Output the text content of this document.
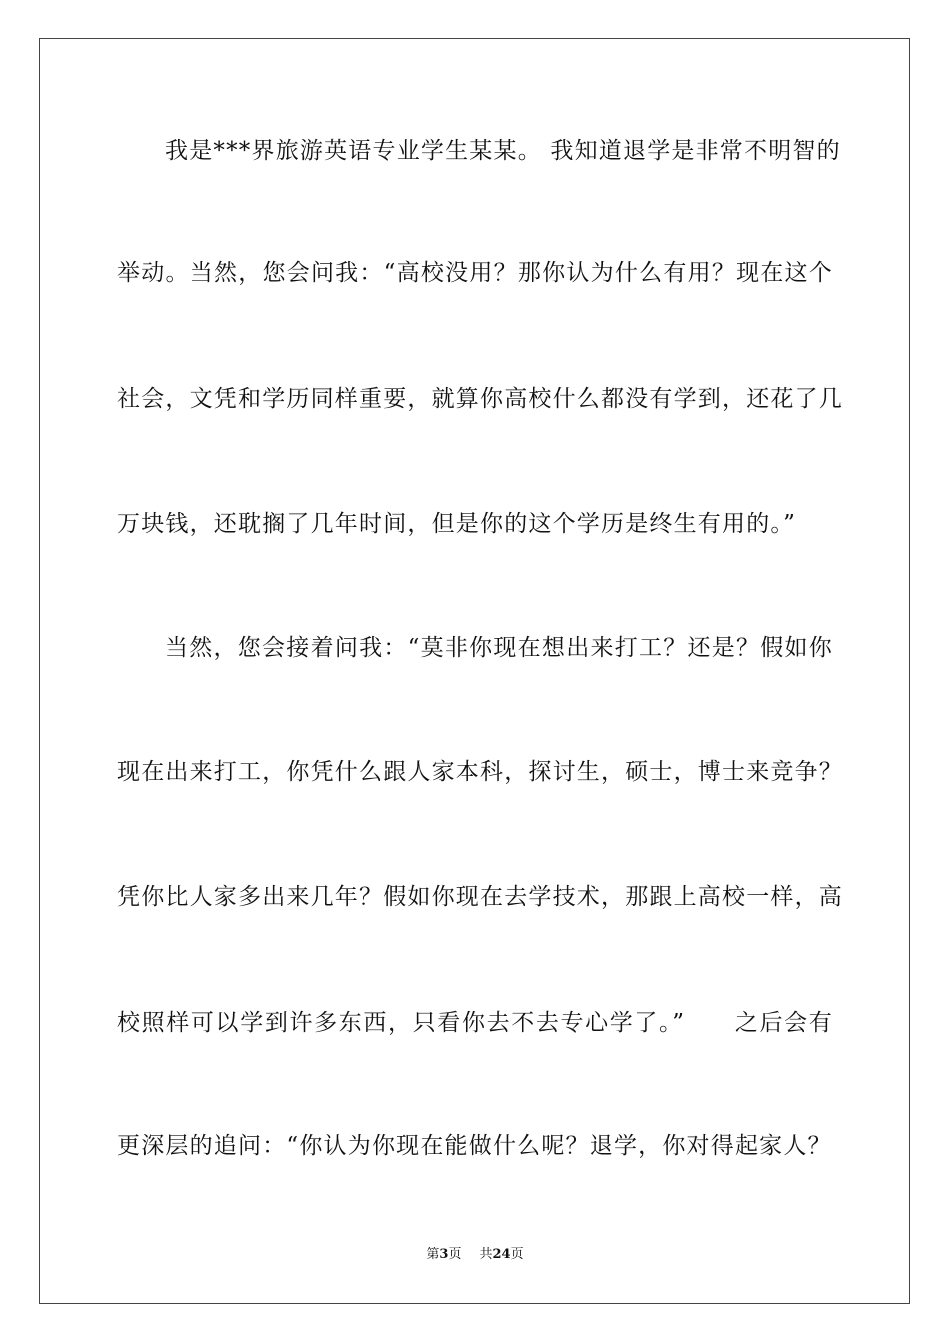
我是***界旅游英语专业学生某某。 我知道退学是非常不明智的
举动。当然，您会问我：“高校没用？那你认为什么有用？现在这个
社会，文凭和学历同样重要，就算你高校什么都没有学到，还花了几
万块钱，还耽搁了几年时间，但是你的这个学历是终生有用的。”
当然，您会接着问我：“莫非你现在想出来打工？还是？假如你
现在出来打工，你凭什么跟人家本科，探讨生，硕士，博士来竞争？
凭你比人家多出来几年？假如你现在去学技术，那跟上高校一样，高
校照样可以学到许多东西，只看你去不去专心学了。”　　之后会有
更深层的追问：“你认为你现在能做什么呢？退学，你对得起家人？
第3页 共24页
